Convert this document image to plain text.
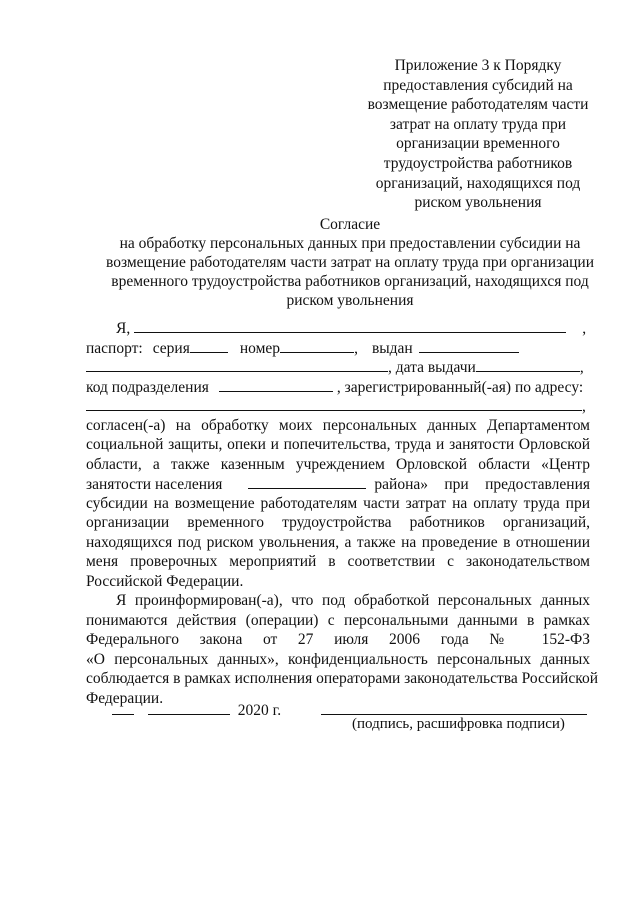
Приложение 3 к Порядку
предоставления субсидий на
возмещение работодателям части
затрат на оплату труда при
организации временного
трудоустройства работников
организаций, находящихся под
риском увольнения
Согласие
на обработку персональных данных при предоставлении субсидии на
возмещение работодателям части затрат на оплату труда при организации
временного трудоустройства работников организаций, находящихся под
риском увольнения
Я,	,
паспорт: серия	номер	, выдан
, дата выдачи	,
код подразделения	, зарегистрированный(-ая) по адресу:
,
согласен(-а) на обработку моих персональных данных Департаментом
социальной защиты, опеки и попечительства, труда и занятости Орловской
области, а также казенным учреждением Орловской области «Центр
занятости населения	района» при предоставления
субсидии на возмещение работодателям части затрат на оплату труда при
организации временного трудоустройства работников организаций,
находящихся под риском увольнения, а также на проведение в отношении
меня проверочных мероприятий в соответствии с законодательством
Российской Федерации.
Я проинформирован(-а), что под обработкой персональных данных
понимаются действия (операции) с персональными данными в рамках
Федерального закона от 27 июля 2006 года № 152-ФЗ
«О персональных данных», конфиденциальность персональных данных
соблюдается в рамках исполнения операторами законодательства Российской
Федерации.
2020 г.
(подпись, расшифровка подписи)
